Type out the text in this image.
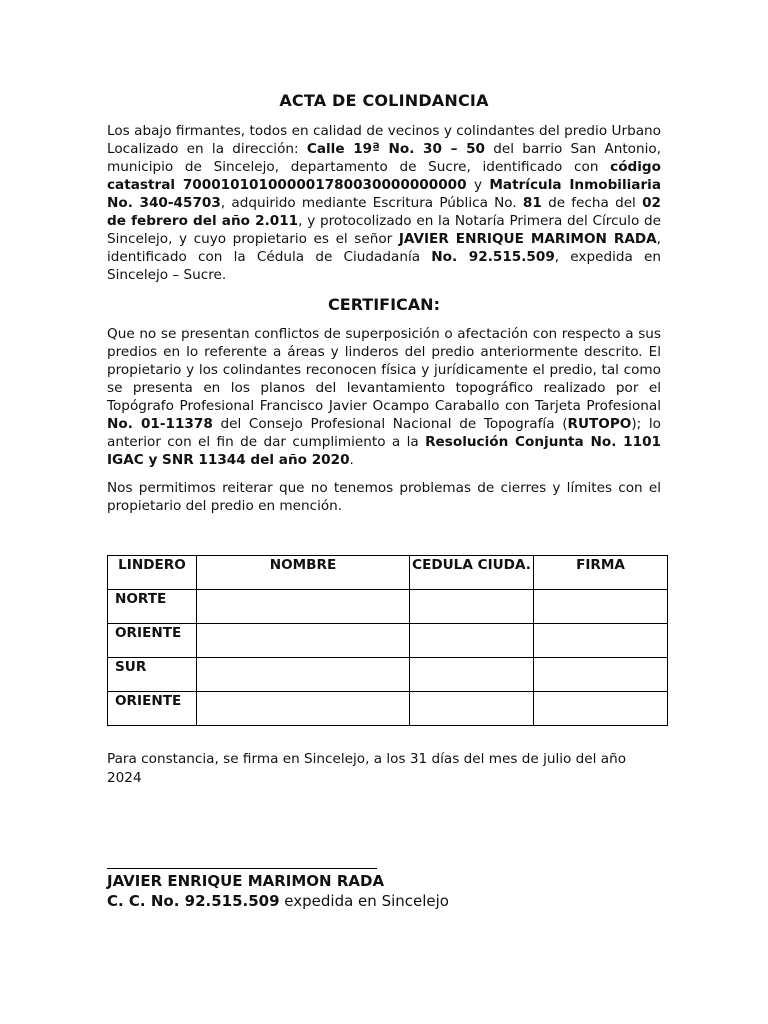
ACTA DE COLINDANCIA

Los abajo firmantes, todos en calidad de vecinos y colindantes del predio Urbano Localizado en la dirección: Calle 19ª No. 30 – 50 del barrio San Antonio, municipio de Sincelejo, departamento de Sucre, identificado con código catastral 700010101000001780030000000000 y Matrícula Inmobiliaria No. 340-45703, adquirido mediante Escritura Pública No. 81 de fecha del 02 de febrero del año 2.011, y protocolizado en la Notaría Primera del Círculo de Sincelejo, y cuyo propietario es el señor JAVIER ENRIQUE MARIMON RADA, identificado con la Cédula de Ciudadanía No. 92.515.509, expedida en Sincelejo – Sucre.

CERTIFICAN:

Que no se presentan conflictos de superposición o afectación con respecto a sus predios en lo referente a áreas y linderos del predio anteriormente descrito. El propietario y los colindantes reconocen física y jurídicamente el predio, tal como se presenta en los planos del levantamiento topográfico realizado por el Topógrafo Profesional Francisco Javier Ocampo Caraballo con Tarjeta Profesional No. 01-11378 del Consejo Profesional Nacional de Topografía (RUTOPO); lo anterior con el fin de dar cumplimiento a la Resolución Conjunta No. 1101 IGAC y SNR 11344 del año 2020.

Nos permitimos reiterar que no tenemos problemas de cierres y límites con el propietario del predio en mención.

LINDERO	NOMBRE	CEDULA CIUDA.	FIRMA
NORTE			
ORIENTE			
SUR			
ORIENTE			

Para constancia, se firma en Sincelejo, a los 31 días del mes de julio del año 2024

JAVIER ENRIQUE MARIMON RADA
C. C. No. 92.515.509 expedida en Sincelejo
